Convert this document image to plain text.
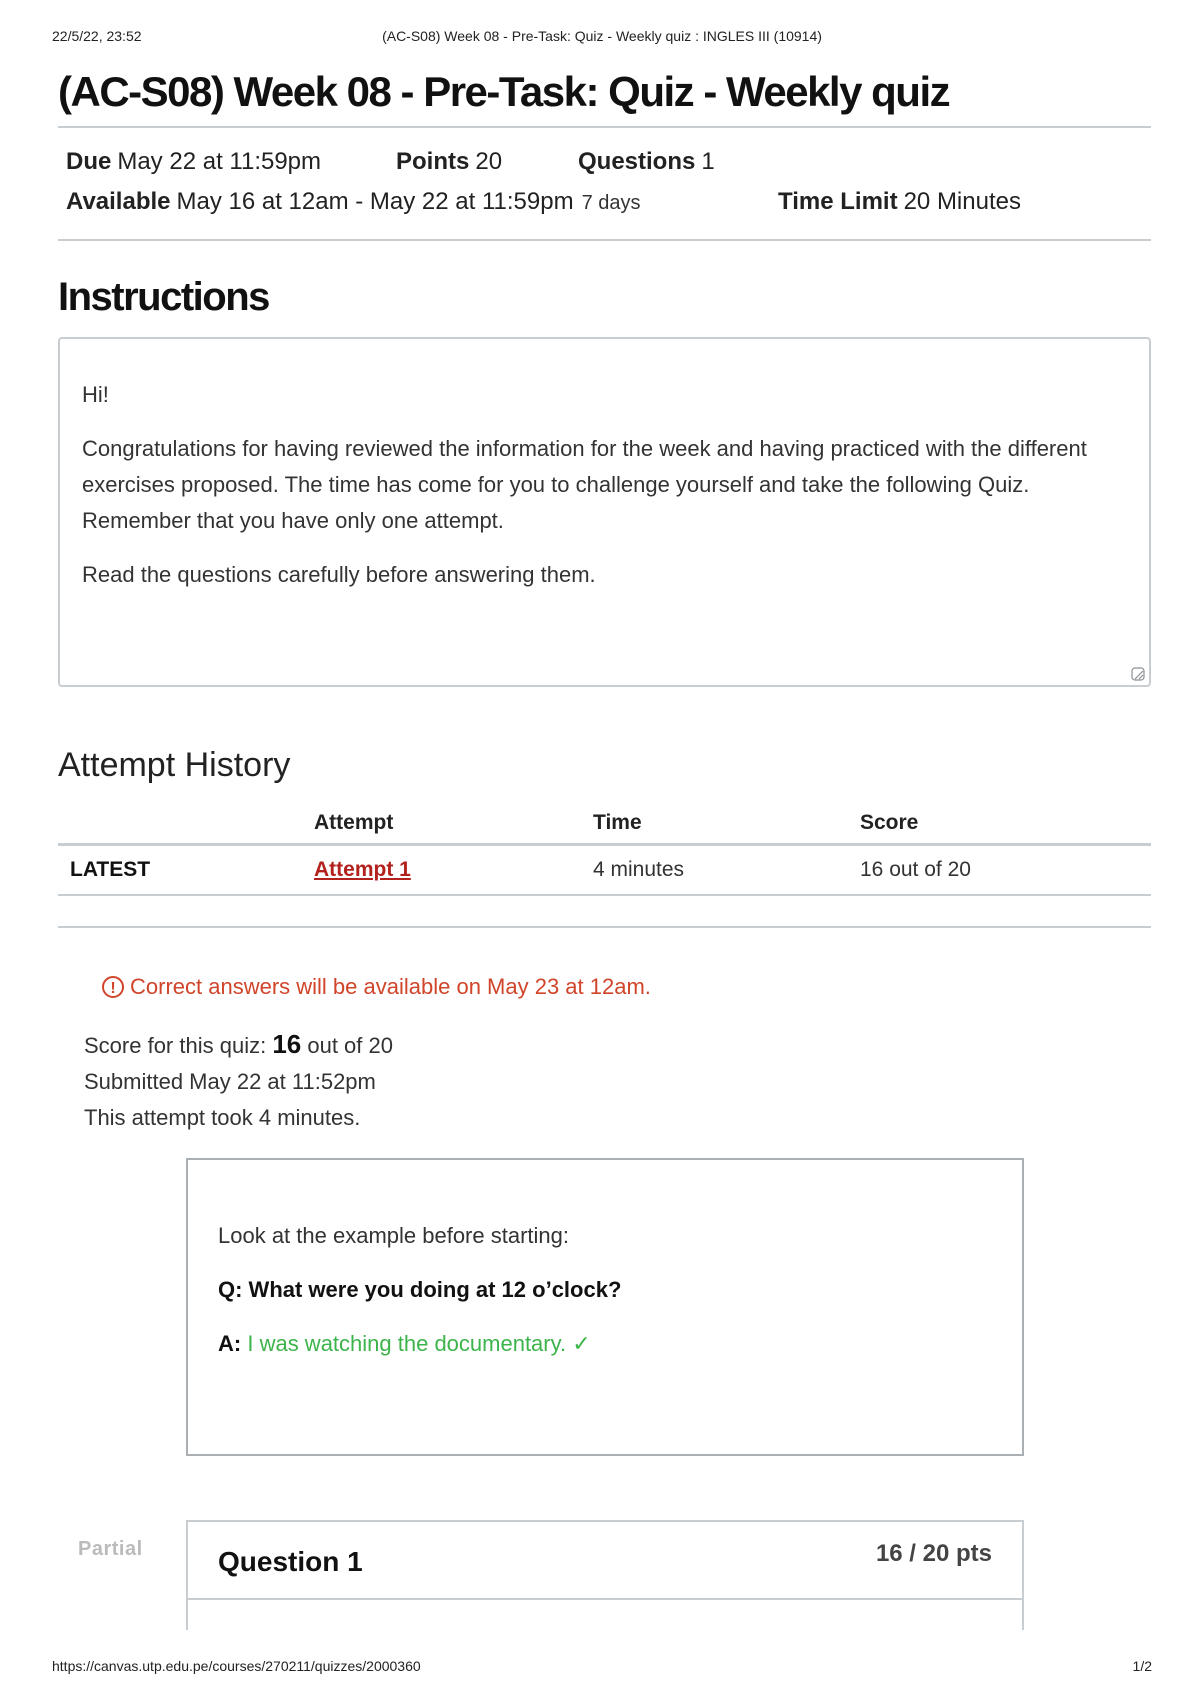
22/5/22, 23:52	(AC-S08) Week 08 - Pre-Task: Quiz - Weekly quiz : INGLES III (10914)
(AC-S08) Week 08 - Pre-Task: Quiz - Weekly quiz
Due May 22 at 11:59pm	Points 20	Questions 1
Available May 16 at 12am - May 22 at 11:59pm 7 days	Time Limit 20 Minutes
Instructions

Hi!

Congratulations for having reviewed the information for the week and having practiced with the different exercises proposed. The time has come for you to challenge yourself and take the following Quiz. Remember that you have only one attempt.

Read the questions carefully before answering them.

Attempt History
	Attempt	Time	Score
LATEST	Attempt 1	4 minutes	16 out of 20

! Correct answers will be available on May 23 at 12am.
Score for this quiz: 16 out of 20
Submitted May 22 at 11:52pm
This attempt took 4 minutes.

Look at the example before starting:

Q: What were you doing at 12 o’clock?

A: I was watching the documentary. ✓

Partial	Question 1	16 / 20 pts
https://canvas.utp.edu.pe/courses/270211/quizzes/2000360	1/2
